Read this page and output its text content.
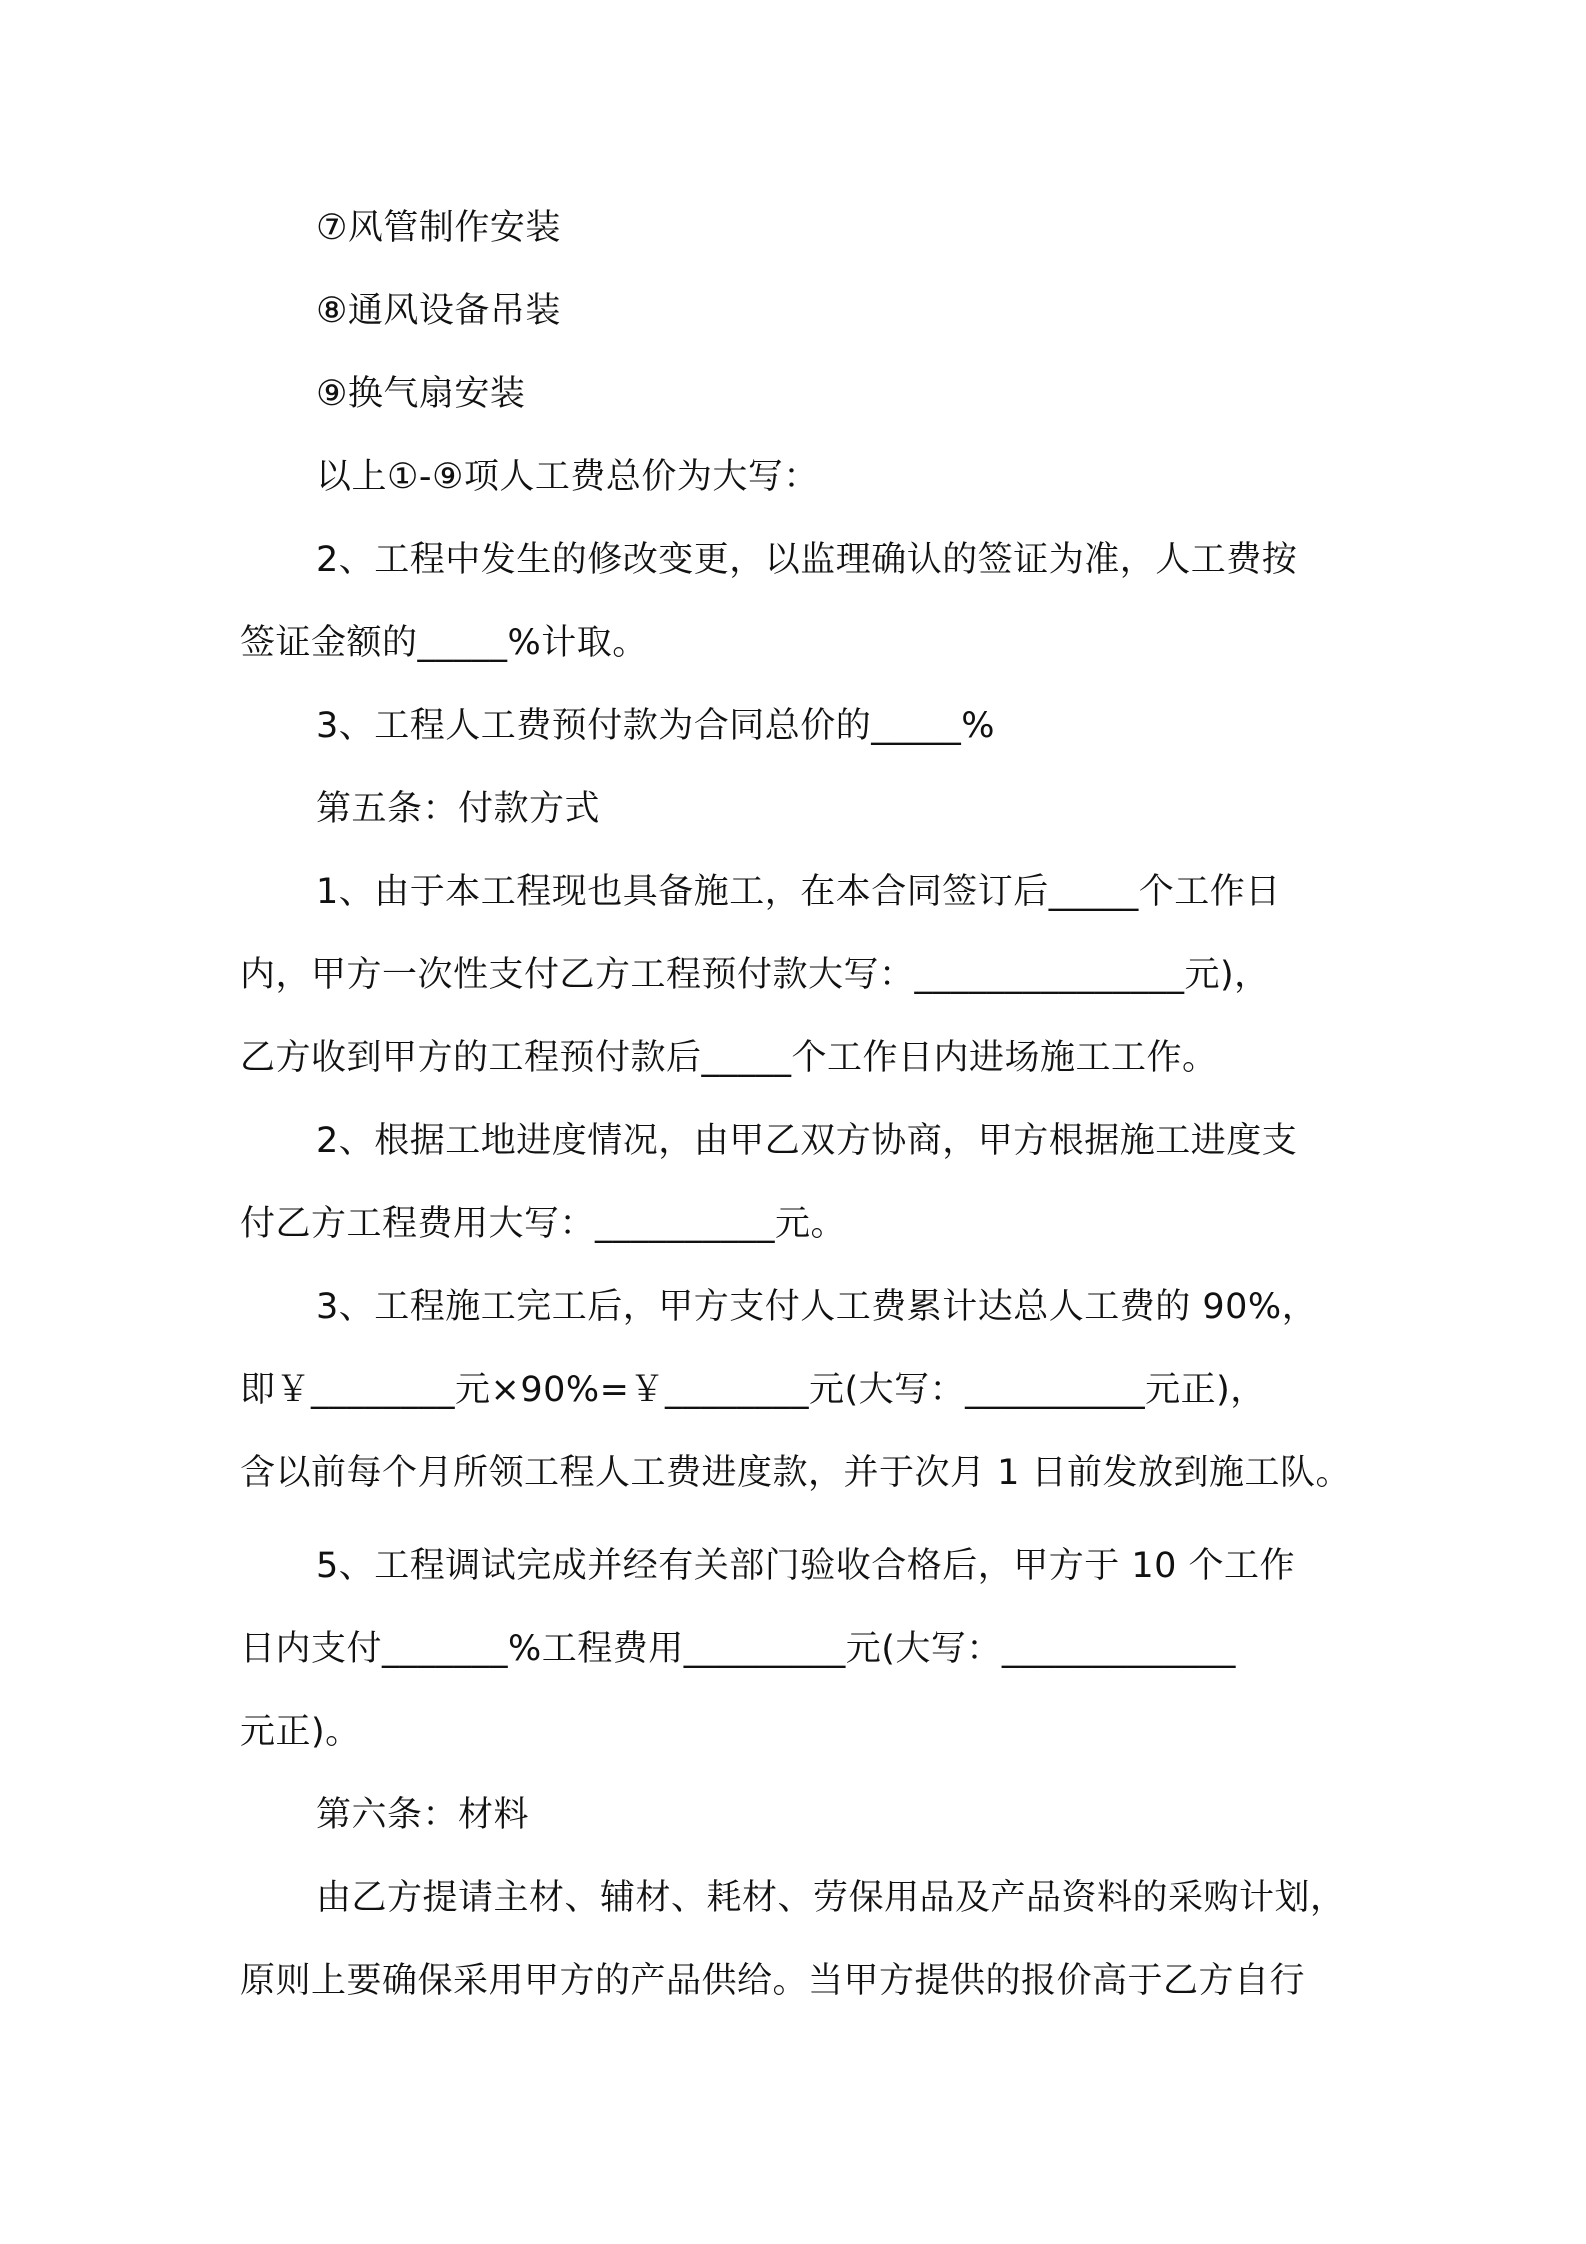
⑦风管制作安装
⑧通风设备吊装
⑨换气扇安装
以上①-⑨项人工费总价为大写：
2、工程中发生的修改变更，以监理确认的签证为准，人工费按
签证金额的_____%计取。
3、工程人工费预付款为合同总价的_____%
第五条：付款方式
1、由于本工程现也具备施工，在本合同签订后_____个工作日
内，甲方一次性支付乙方工程预付款大写：_______________元)，
乙方收到甲方的工程预付款后_____个工作日内进场施工工作。
2、根据工地进度情况，由甲乙双方协商，甲方根据施工进度支
付乙方工程费用大写：__________元。
3、工程施工完工后，甲方支付人工费累计达总人工费的 90%，
即￥________元×90%=￥________元(大写：__________元正)，
含以前每个月所领工程人工费进度款，并于次月 1 日前发放到施工队。
5、工程调试完成并经有关部门验收合格后，甲方于 10 个工作
日内支付_______%工程费用_________元(大写：_____________
元正)。
第六条：材料
由乙方提请主材、辅材、耗材、劳保用品及产品资料的采购计划，
原则上要确保采用甲方的产品供给。当甲方提供的报价高于乙方自行
